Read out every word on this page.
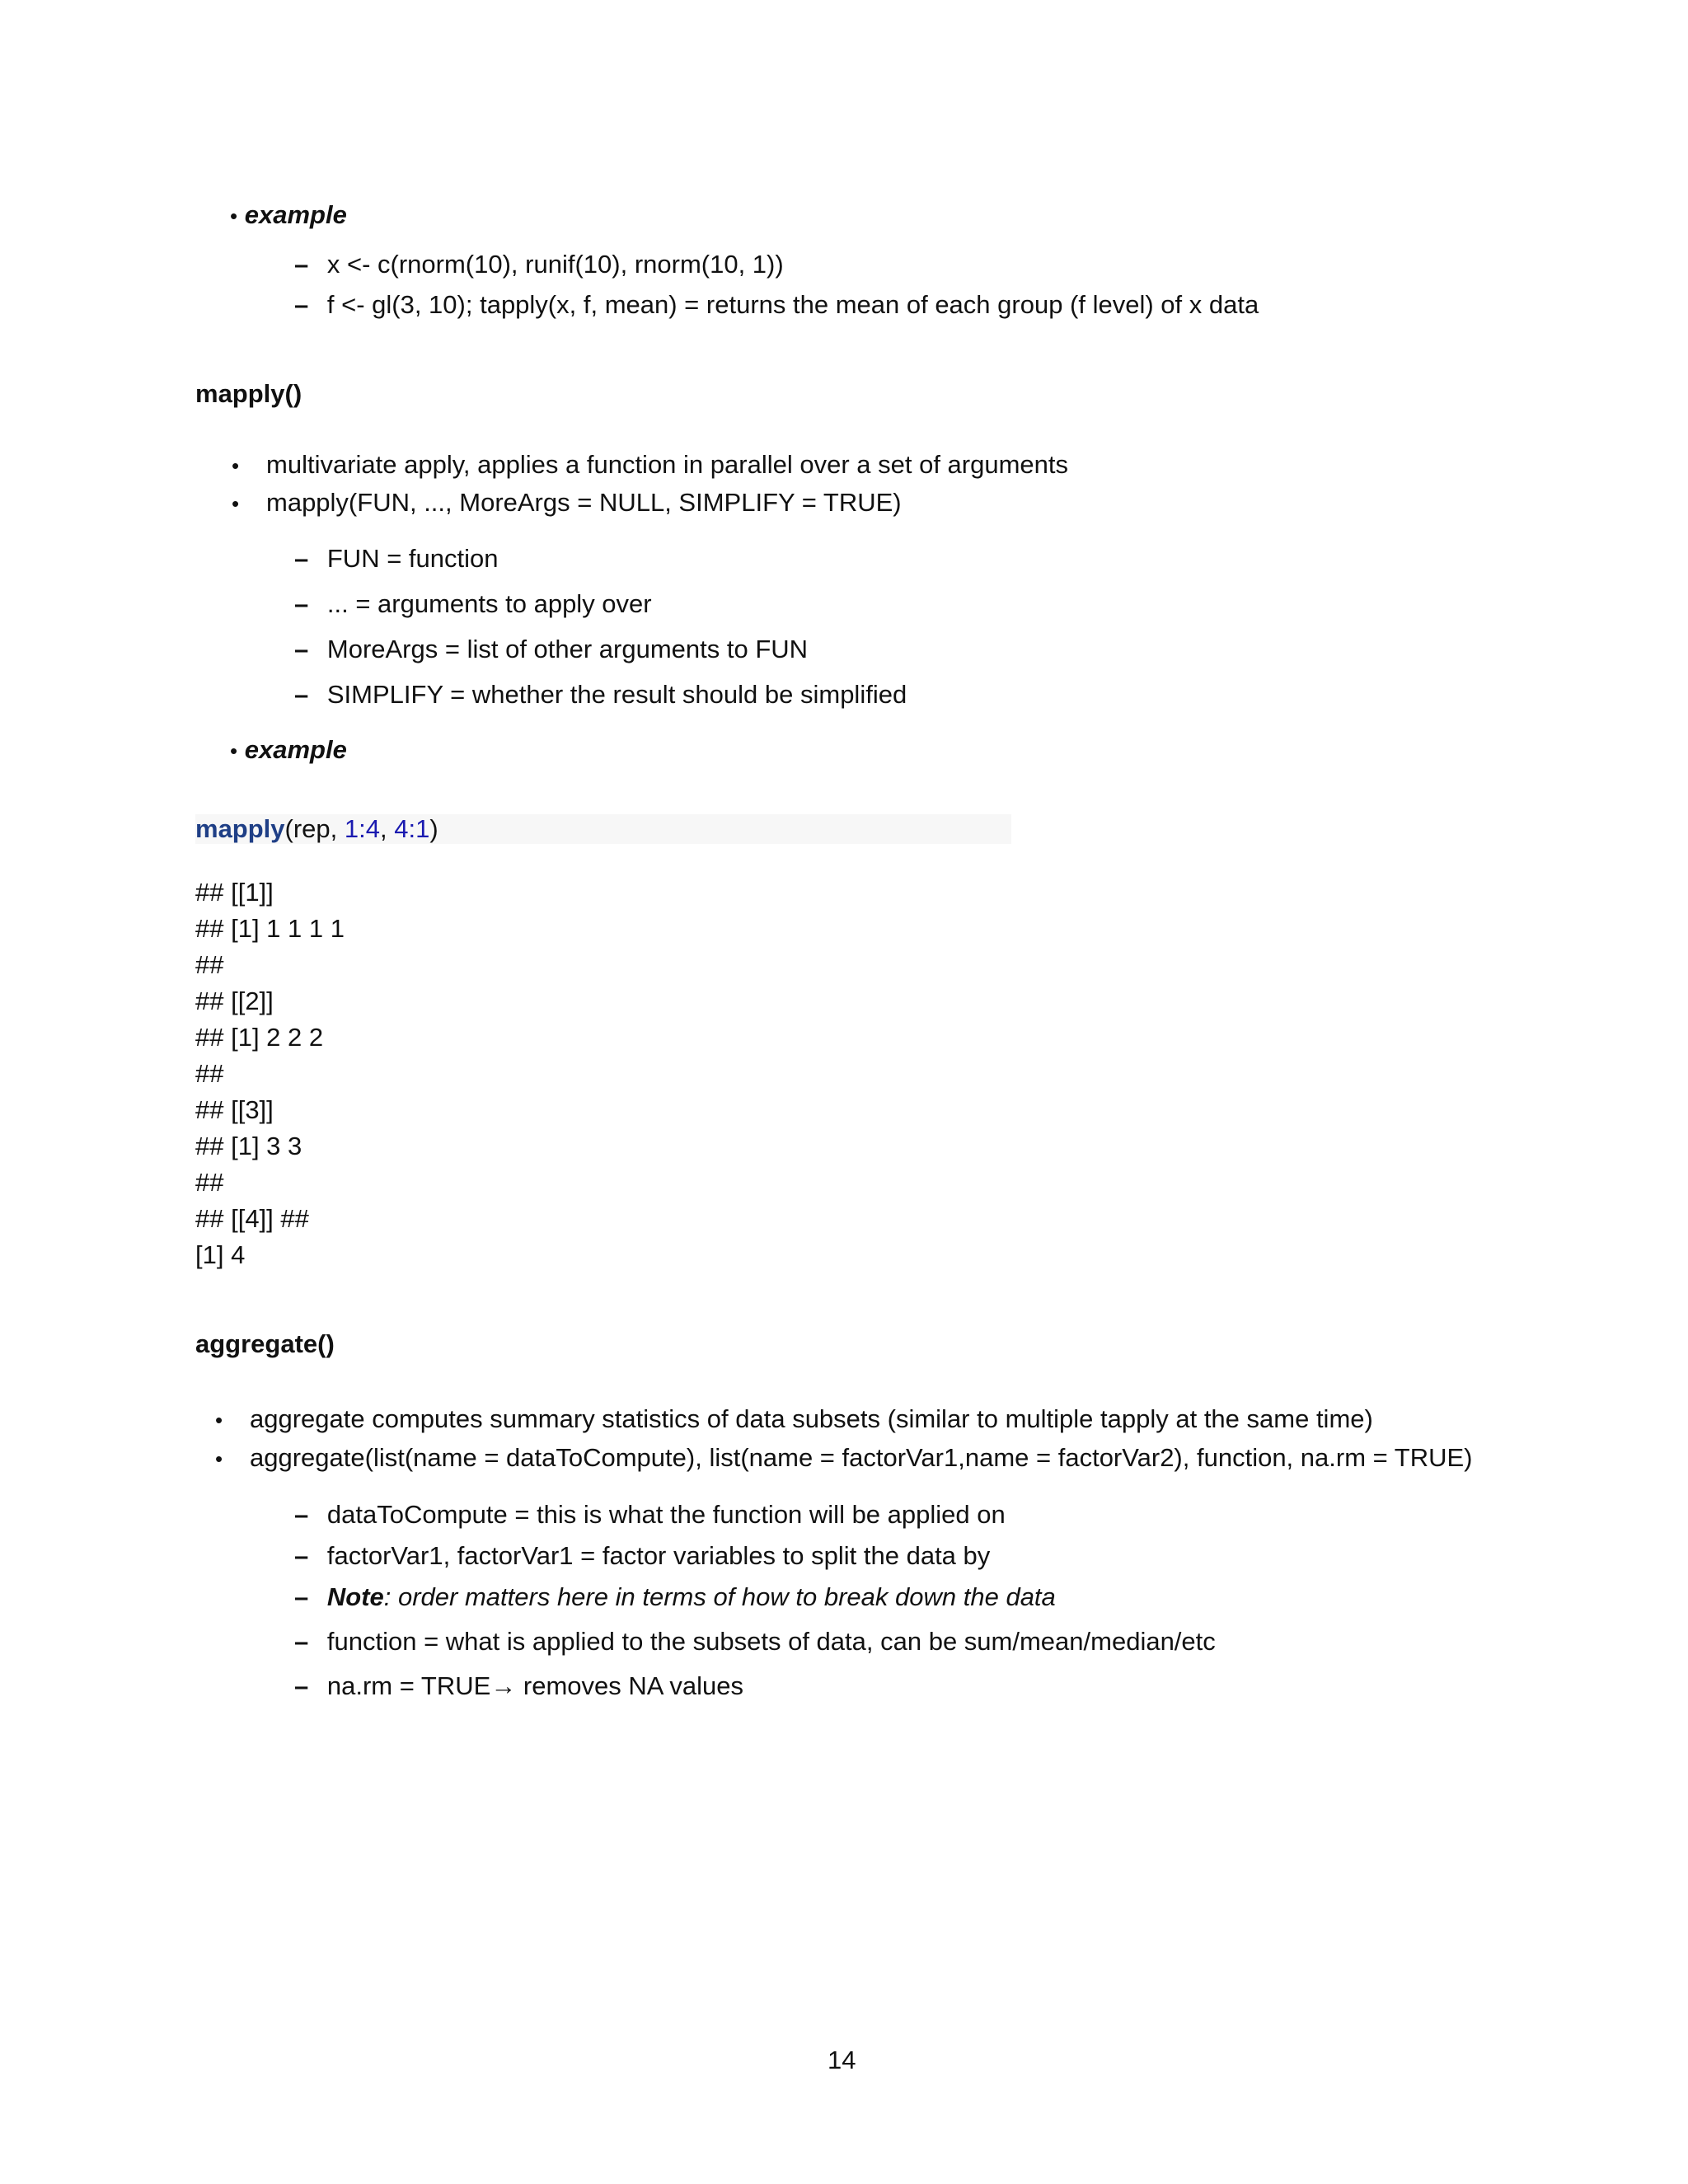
• example
– x <- c(rnorm(10), runif(10), rnorm(10, 1))
– f <- gl(3, 10); tapply(x, f, mean) = returns the mean of each group (f level) of x data
mapply()
• multivariate apply, applies a function in parallel over a set of arguments
• mapply(FUN, ..., MoreArgs = NULL, SIMPLIFY = TRUE)
– FUN = function
– ... = arguments to apply over
– MoreArgs = list of other arguments to FUN
– SIMPLIFY = whether the result should be simplified
• example
mapply(rep, 1:4, 4:1)
## [[1]]
## [1] 1 1 1 1
##
## [[2]]
## [1] 2 2 2
##
## [[3]]
## [1] 3 3
##
## [[4]] ##
[1] 4
aggregate()
• aggregate computes summary statistics of data subsets (similar to multiple tapply at the same time)
• aggregate(list(name = dataToCompute), list(name = factorVar1,name = factorVar2), function, na.rm = TRUE)
– dataToCompute = this is what the function will be applied on
– factorVar1, factorVar1 = factor variables to split the data by
– Note: order matters here in terms of how to break down the data
– function = what is applied to the subsets of data, can be sum/mean/median/etc
– na.rm = TRUE→ removes NA values
14
